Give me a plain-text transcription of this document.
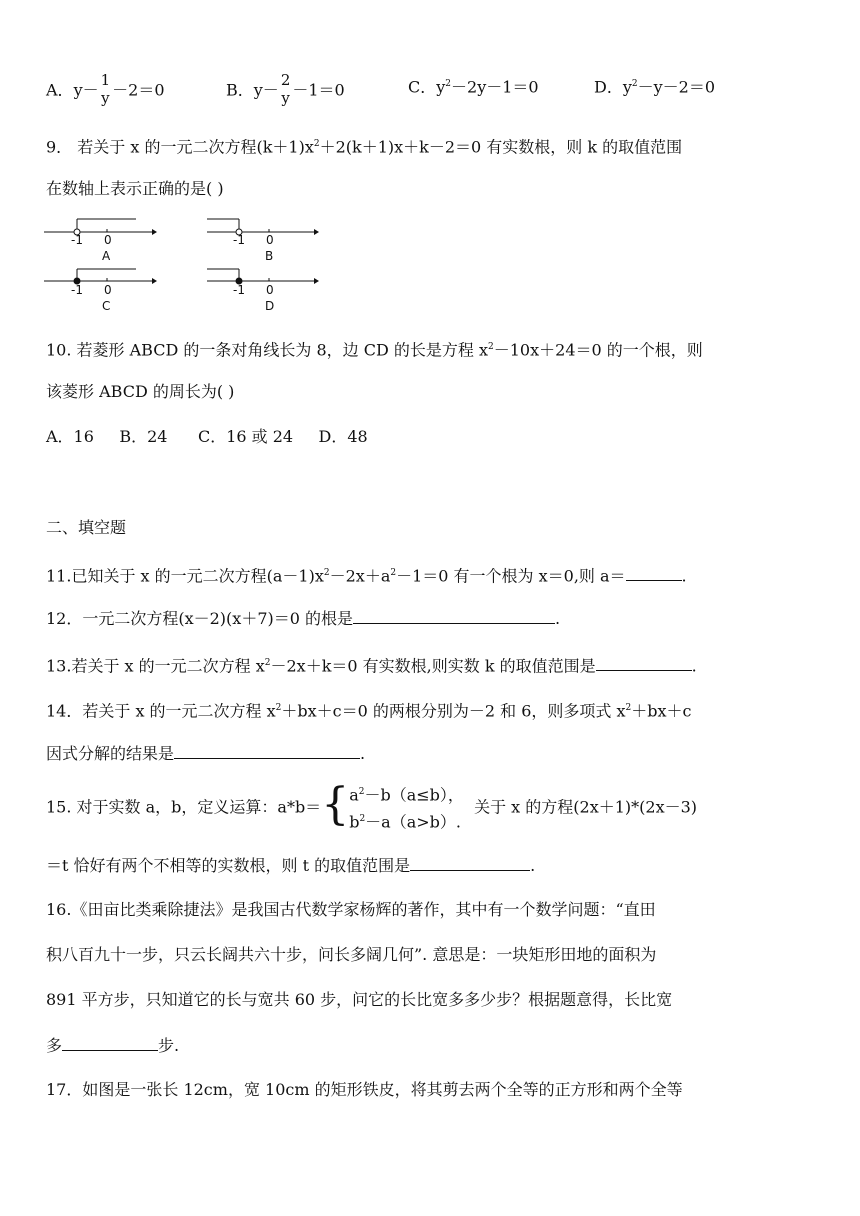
A．y－
1
y －2＝0	B．y－
2
y －1＝0	C．$y^2-2y-1=0$	D．$y^2-y-2=0$
9． 若关于 x 的一元二次方程$(k+1)x^2+2(k+1)x+k-2=0$ 有实数根，则 k 的取值范围
在数轴上表示正确的是( )
-1 0
A
-1 0
B
-1 0
C
-1 0
D
10. 若菱形 ABCD 的一条对角线长为 8，边 CD 的长是方程 $x^2-10x+24=0$ 的一个根，则
该菱形 ABCD 的周长为( )
A．16     B．24      C．16 或 24     D．48
二、填空题
11.已知关于 x 的一元二次方程$(a-1)x^2-2x+a^2-1=0$ 有一个根为 x＝0,则 a＝	.
12．一元二次方程(x－2)(x＋7)＝0 的根是	.
13.若关于 x 的一元二次方程 $x^2-2x+k=0$ 有实数根,则实数 k 的取值范围是	.
14．若关于 x 的一元二次方程 $x^2+bx+c=0$ 的两根分别为－2 和 6，则多项式 $x^2+bx+c$
因式分解的结果是	.
15. 对于实数 a，b，定义运算：a*b＝{ $a^2-b(a\le b)$，
$b^2-a(a>b)$.
关于 x 的方程(2x＋1)*(2x－3)
＝t 恰好有两个不相等的实数根，则 t 的取值范围是	.
16.《田亩比类乘除捷法》是我国古代数学家杨辉的著作，其中有一个数学问题：“直田
积八百九十一步，只云长阔共六十步，问长多阔几何”. 意思是：一块矩形田地的面积为
891 平方步，只知道它的长与宽共 60 步，问它的长比宽多多少步？根据题意得，长比宽
多	步.
17．如图是一张长 12cm，宽 10cm 的矩形铁皮，将其剪去两个全等的正方形和两个全等
